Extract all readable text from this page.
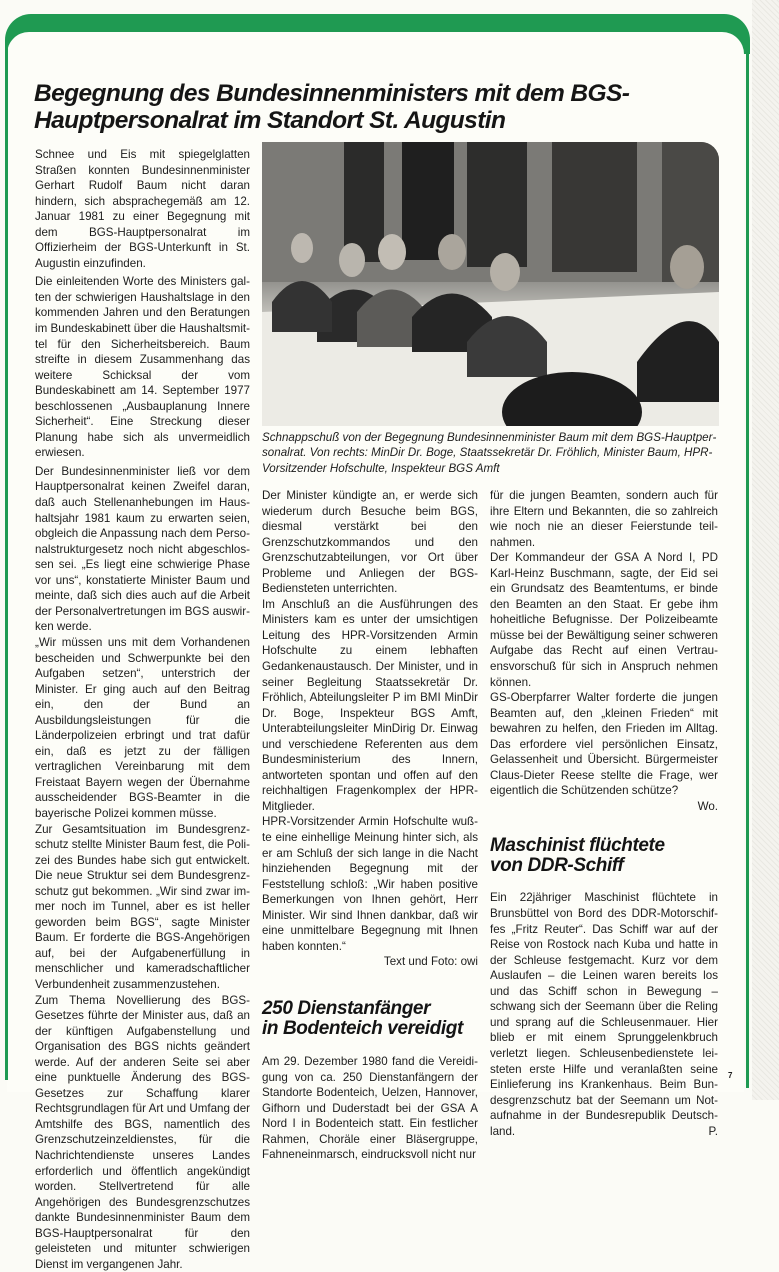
Begegnung des Bundesinnenministers mit dem BGS-Hauptpersonalrat im Standort St. Augustin

Schnee und Eis mit spiegelglatten Straßen konnten Bundesinnenminister Gerhart Rudolf Baum nicht daran hindern, sich absprachegemäß am 12. Januar 1981 zu einer Begegnung mit dem BGS-Hauptpersonalrat im Offizierheim der BGS-Unterkunft in St. Augustin einzufinden.

Die einleitenden Worte des Ministers galten der schwierigen Haushaltslage in den kommenden Jahren und den Beratungen im Bundeskabinett über die Haushaltsmittel für den Sicherheitsbereich. Baum streifte in diesem Zusammenhang das weitere Schicksal der vom Bundeskabinett am 14. September 1977 beschlossenen „Ausbauplanung Innere Sicherheit“. Eine Streckung dieser Planung habe sich als unvermeidlich erwiesen.

Der Bundesinnenminister ließ vor dem Hauptpersonalrat keinen Zweifel daran, daß auch Stellenanhebungen im Haushaltsjahr 1981 kaum zu erwarten seien, obgleich die Anpassung nach dem Personalstrukturgesetz noch nicht abgeschlossen sei. „Es liegt eine schwierige Phase vor uns“, konstatierte Minister Baum und meinte, daß sich dies auch auf die Arbeit der Personalvertretungen im BGS auswirken werde.

„Wir müssen uns mit dem Vorhandenen bescheiden und Schwerpunkte bei den Aufgaben setzen“, unterstrich der Minister. Er ging auch auf den Beitrag ein, den der Bund an Ausbildungsleistungen für die Länderpolizeien erbringt und trat dafür ein, daß es jetzt zu der fälligen vertraglichen Vereinbarung mit dem Freistaat Bayern wegen der Übernahme ausscheidender BGS-Beamter in die bayerische Polizei kommen müsse.

Zur Gesamtsituation im Bundesgrenzschutz stellte Minister Baum fest, die Polizei des Bundes habe sich gut entwickelt. Die neue Struktur sei dem Bundesgrenzschutz gut bekommen. „Wir sind zwar immer noch im Tunnel, aber es ist heller geworden beim BGS“, sagte Minister Baum. Er forderte die BGS-Angehörigen auf, bei der Aufgabenerfüllung in menschlicher und kameradschaftlicher Verbundenheit zusammenzustehen.

Zum Thema Novellierung des BGS-Gesetzes führte der Minister aus, daß an der künftigen Aufgabenstellung und Organisation des BGS nichts geändert werde. Auf der anderen Seite sei aber eine punktuelle Änderung des BGS-Gesetzes zur Schaffung klarer Rechtsgrundlagen für Art und Umfang der Amtshilfe des BGS, namentlich des Grenzschutzeinzeldienstes, für die Nachrichtendienste unseres Landes erforderlich und öffentlich angekündigt worden. Stellvertretend für alle Angehörigen des Bundesgrenzschutzes dankte Bundesinnenminister Baum dem BGS-Hauptpersonalrat für den geleisteten und mitunter schwierigen Dienst im vergangenen Jahr.

Schnappschuß von der Begegnung Bundesinnenminister Baum mit dem BGS-Hauptpersonalrat. Von rechts: MinDir Dr. Boge, Staatssekretär Dr. Fröhlich, Minister Baum, HPR-Vorsitzender Hofschulte, Inspekteur BGS Amft

Der Minister kündigte an, er werde sich wiederum durch Besuche beim BGS, diesmal verstärkt bei den Grenzschutzkommandos und den Grenzschutzabteilungen, vor Ort über Probleme und Anliegen der BGS-Bediensteten unterrichten.

Im Anschluß an die Ausführungen des Ministers kam es unter der umsichtigen Leitung des HPR-Vorsitzenden Armin Hofschulte zu einem lebhaften Gedankenaustausch. Der Minister, und in seiner Begleitung Staatssekretär Dr. Fröhlich, Abteilungsleiter P im BMI MinDir Dr. Boge, Inspekteur BGS Amft, Unterabteilungsleiter MinDirig Dr. Einwag und verschiedene Referenten aus dem Bundesministerium des Innern, antworteten spontan und offen auf den reichhaltigen Fragenkomplex der HPR-Mitglieder.

HPR-Vorsitzender Armin Hofschulte wußte eine einhellige Meinung hinter sich, als er am Schluß der sich lange in die Nacht hinziehenden Begegnung mit der Feststellung schloß: „Wir haben positive Bemerkungen von Ihnen gehört, Herr Minister. Wir sind Ihnen dankbar, daß wir eine unmittelbare Begegnung mit Ihnen haben konnten.“

Text und Foto: owi

250 Dienstanfänger
in Bodenteich vereidigt

Am 29. Dezember 1980 fand die Vereidigung von ca. 250 Dienstanfängern der Standorte Bodenteich, Uelzen, Hannover, Gifhorn und Duderstadt bei der GSA A Nord I in Bodenteich statt. Ein festlicher Rahmen, Choräle einer Bläsergruppe, Fahneneinmarsch, eindrucksvoll nicht nur

für die jungen Beamten, sondern auch für ihre Eltern und Bekannten, die so zahlreich wie noch nie an dieser Feierstunde teilnahmen.

Der Kommandeur der GSA A Nord I, PD Karl-Heinz Buschmann, sagte, der Eid sei ein Grundsatz des Beamtentums, er binde den Beamten an den Staat. Er gebe ihm hoheitliche Befugnisse. Der Polizeibeamte müsse bei der Bewältigung seiner schweren Aufgabe das Recht auf einen Vertrauensvorschuß für sich in Anspruch nehmen können.

GS-Oberpfarrer Walter forderte die jungen Beamten auf, den „kleinen Frieden“ mit bewahren zu helfen, den Frieden im Alltag. Das erfordere viel persönlichen Einsatz, Gelassenheit und Übersicht. Bürgermeister Claus-Dieter Reese stellte die Frage, wer eigentlich die Schützenden schütze?

Wo.

Maschinist flüchtete
von DDR-Schiff

Ein 22jähriger Maschinist flüchtete in Brunsbüttel von Bord des DDR-Motorschiffes „Fritz Reuter“. Das Schiff war auf der Reise von Rostock nach Kuba und hatte in der Schleuse festgemacht. Kurz vor dem Auslaufen – die Leinen waren bereits los und das Schiff schon in Bewegung – schwang sich der Seemann über die Reling und sprang auf die Schleusenmauer. Hier blieb er mit einem Sprunggelenkbruch verletzt liegen. Schleusenbedienstete leisteten erste Hilfe und veranlaßten seine Einlieferung ins Krankenhaus. Beim Bundesgrenzschutz bat der Seemann um Notaufnahme in der Bundesrepublik Deutschland.	P.

7
